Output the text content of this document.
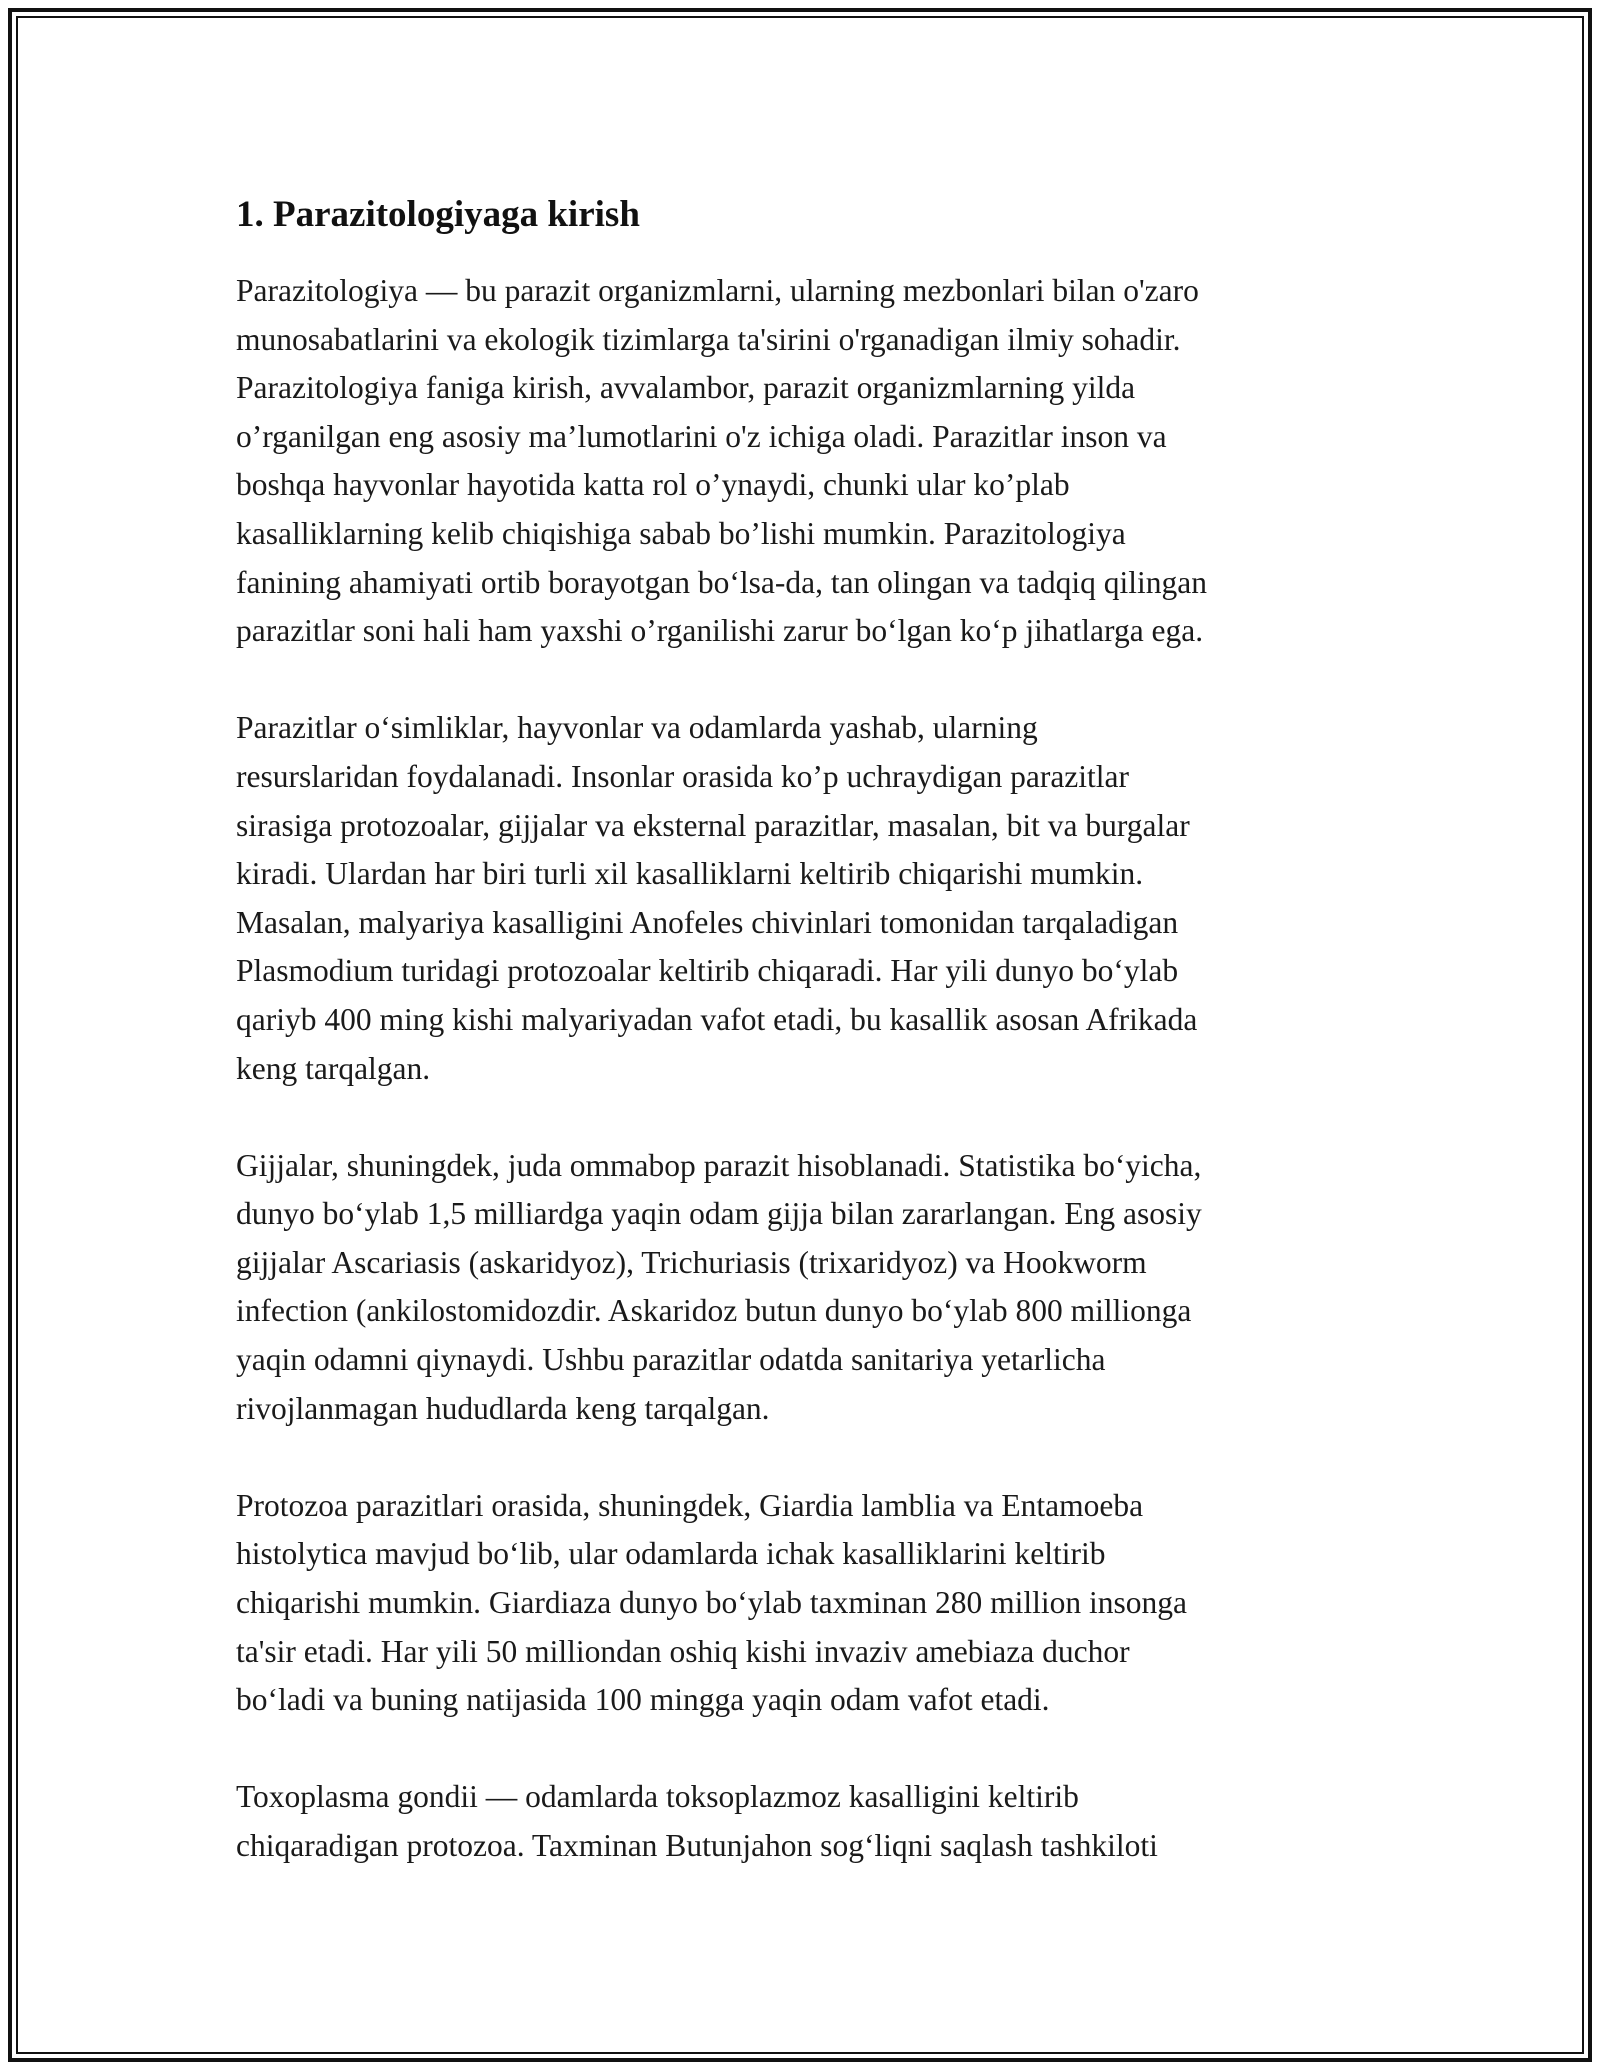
1. Parazitologiyaga kirish

Parazitologiya — bu parazit organizmlarni, ularning mezbonlari bilan o'zaro
munosabatlarini va ekologik tizimlarga ta'sirini o'rganadigan ilmiy sohadir.
Parazitologiya faniga kirish, avvalambor, parazit organizmlarning yilda
o’rganilgan eng asosiy ma’lumotlarini o'z ichiga oladi. Parazitlar inson va
boshqa hayvonlar hayotida katta rol o’ynaydi, chunki ular ko’plab
kasalliklarning kelib chiqishiga sabab bo’lishi mumkin. Parazitologiya
fanining ahamiyati ortib borayotgan bo‘lsa-da, tan olingan va tadqiq qilingan
parazitlar soni hali ham yaxshi o’rganilishi zarur bo‘lgan ko‘p jihatlarga ega.

Parazitlar o‘simliklar, hayvonlar va odamlarda yashab, ularning
resurslaridan foydalanadi. Insonlar orasida ko’p uchraydigan parazitlar
sirasiga protozoalar, gijjalar va eksternal parazitlar, masalan, bit va burgalar
kiradi. Ulardan har biri turli xil kasalliklarni keltirib chiqarishi mumkin.
Masalan, malyariya kasalligini Anofeles chivinlari tomonidan tarqaladigan
Plasmodium turidagi protozoalar keltirib chiqaradi. Har yili dunyo bo‘ylab
qariyb 400 ming kishi malyariyadan vafot etadi, bu kasallik asosan Afrikada
keng tarqalgan.

Gijjalar, shuningdek, juda ommabop parazit hisoblanadi. Statistika bo‘yicha,
dunyo bo‘ylab 1,5 milliardga yaqin odam gijja bilan zararlangan. Eng asosiy
gijjalar Ascariasis (askaridyoz), Trichuriasis (trixaridyoz) va Hookworm
infection (ankilostomidozdir. Askaridoz butun dunyo bo‘ylab 800 millionga
yaqin odamni qiynaydi. Ushbu parazitlar odatda sanitariya yetarlicha
rivojlanmagan hududlarda keng tarqalgan.

Protozoa parazitlari orasida, shuningdek, Giardia lamblia va Entamoeba
histolytica mavjud bo‘lib, ular odamlarda ichak kasalliklarini keltirib
chiqarishi mumkin. Giardiaza dunyo bo‘ylab taxminan 280 million insonga
ta'sir etadi. Har yili 50 milliondan oshiq kishi invaziv amebiaza duchor
bo‘ladi va buning natijasida 100 mingga yaqin odam vafot etadi.

Toxoplasma gondii — odamlarda toksoplazmoz kasalligini keltirib
chiqaradigan protozoa. Taxminan Butunjahon sog‘liqni saqlash tashkiloti
